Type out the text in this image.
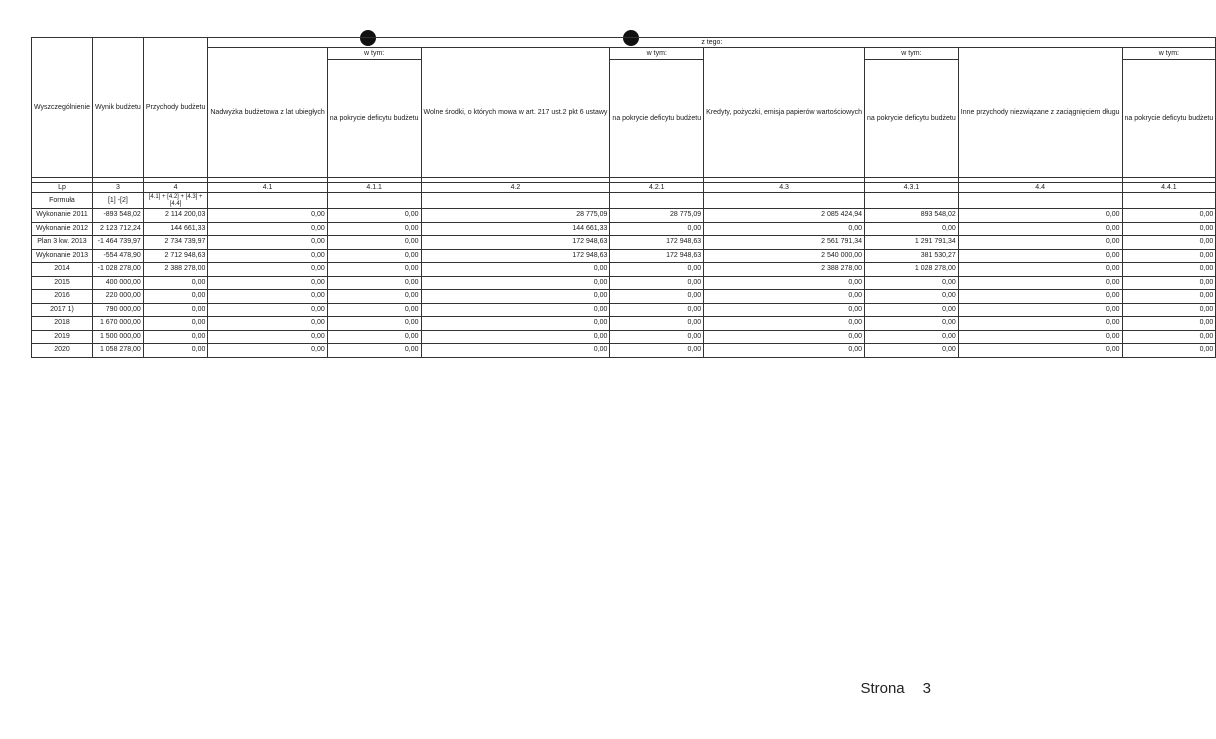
Wyszczególnienie	Wynik budżetu	Przychody budżetu	z tego:							
			Nadwyżka budżetowa z lat ubiegłych	w tym:	Wolne środki, o których mowa w art. 217 ust.2 pkt 6 ustawy	w tym:	Kredyty, pożyczki, emisja papierów wartościowych	w tym:	Inne przychody niezwiązane z zaciągnięciem długu	w tym:
				na pokrycie deficytu budżetu		na pokrycie deficytu budżetu		na pokrycie deficytu budżetu		na pokrycie deficytu budżetu

Lp	3	4	4.1	4.1.1	4.2	4.2.1	4.3	4.3.1	4.4	4.4.1
Formuła	[1] -[2]	[4.1] + [4.2] + [4.3] + [4.4]								
Wykonanie 2011	-893 548,02	2 114 200,03	0,00	0,00	28 775,09	28 775,09	2 085 424,94	893 548,02	0,00	0,00
Wykonanie 2012	2 123 712,24	144 661,33	0,00	0,00	144 661,33	0,00	0,00	0,00	0,00	0,00
Plan 3 kw. 2013	-1 464 739,97	2 734 739,97	0,00	0,00	172 948,63	172 948,63	2 561 791,34	1 291 791,34	0,00	0,00
Wykonanie 2013	-554 478,90	2 712 948,63	0,00	0,00	172 948,63	172 948,63	2 540 000,00	381 530,27	0,00	0,00
2014	-1 028 278,00	2 388 278,00	0,00	0,00	0,00	0,00	2 388 278,00	1 028 278,00	0,00	0,00
2015	400 000,00	0,00	0,00	0,00	0,00	0,00	0,00	0,00	0,00	0,00
2016	220 000,00	0,00	0,00	0,00	0,00	0,00	0,00	0,00	0,00	0,00
2017 1)	790 000,00	0,00	0,00	0,00	0,00	0,00	0,00	0,00	0,00	0,00
2018	1 670 000,00	0,00	0,00	0,00	0,00	0,00	0,00	0,00	0,00	0,00
2019	1 500 000,00	0,00	0,00	0,00	0,00	0,00	0,00	0,00	0,00	0,00
2020	1 058 278,00	0,00	0,00	0,00	0,00	0,00	0,00	0,00	0,00	0,00
Strona 3
